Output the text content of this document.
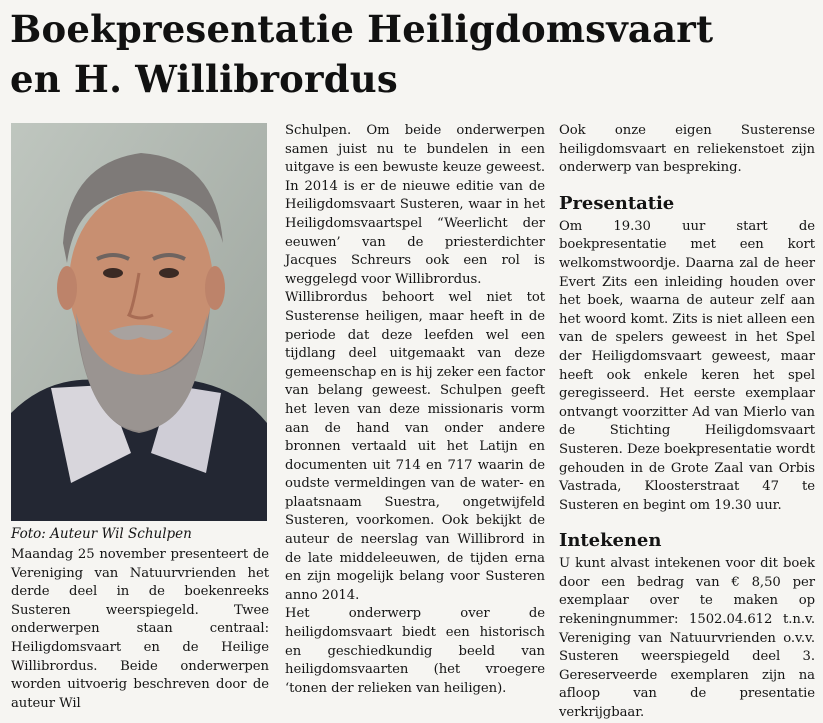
Boekpresentatie Heiligdomsvaart
en H. Willibrordus
Foto: Auteur Wil Schulpen

Maandag 25 november presenteert de Vereniging van Natuurvrienden het derde deel in de boekenreeks Susteren weerspiegeld. Twee onderwerpen staan centraal: Heiligdomsvaart en de Heilige Willibrordus. Beide onderwerpen worden uitvoerig beschreven door de auteur Wil

Schulpen. Om beide onderwerpen samen juist nu te bundelen in een uitgave is een bewuste keuze geweest. In 2014 is er de nieuwe editie van de Heiligdomsvaart Susteren, waar in het Heiligdomsvaartspel “Weerlicht der eeuwen’ van de priesterdichter Jacques Schreurs ook een rol is weggelegd voor Willibrordus.

Willibrordus behoort wel niet tot Susterense heiligen, maar heeft in de periode dat deze leefden wel een tijdlang deel uitgemaakt van deze gemeenschap en is hij zeker een factor van belang geweest. Schulpen geeft het leven van deze missionaris vorm aan de hand van onder andere bronnen vertaald uit het Latijn en documenten uit 714 en 717 waarin de oudste vermeldingen van de water- en plaatsnaam Suestra, ongetwijfeld Susteren, voorkomen. Ook bekijkt de auteur de neerslag van Willibrord in de late middeleeuwen, de tijden erna en zijn mogelijk belang voor Susteren anno 2014.

Het onderwerp over de heiligdomsvaart biedt een historisch en geschiedkundig beeld van heiligdomsvaarten (het vroegere ‘tonen der relieken van heiligen).

Ook onze eigen Susterense heiligdomsvaart en reliekenstoet zijn onderwerp van bespreking.

Presentatie

Om 19.30 uur start de boekpresentatie met een kort welkomstwoordje. Daarna zal de heer Evert Zits een inleiding houden over het boek, waarna de auteur zelf aan het woord komt. Zits is niet alleen een van de spelers geweest in het Spel der Heiligdomsvaart geweest, maar heeft ook enkele keren het spel geregisseerd. Het eerste exemplaar ontvangt voorzitter Ad van Mierlo van de Stichting Heiligdomsvaart Susteren. Deze boekpresentatie wordt gehouden in de Grote Zaal van Orbis Vastrada, Kloosterstraat 47 te Susteren en begint om 19.30 uur.

Intekenen

U kunt alvast intekenen voor dit boek door een bedrag van € 8,50 per exemplaar over te maken op rekeningnummer: 1502.04.612 t.n.v. Vereniging van Natuurvrienden o.v.v. Susteren weerspiegeld deel 3. Gereserveerde exemplaren zijn na afloop van de presentatie verkrijgbaar.
